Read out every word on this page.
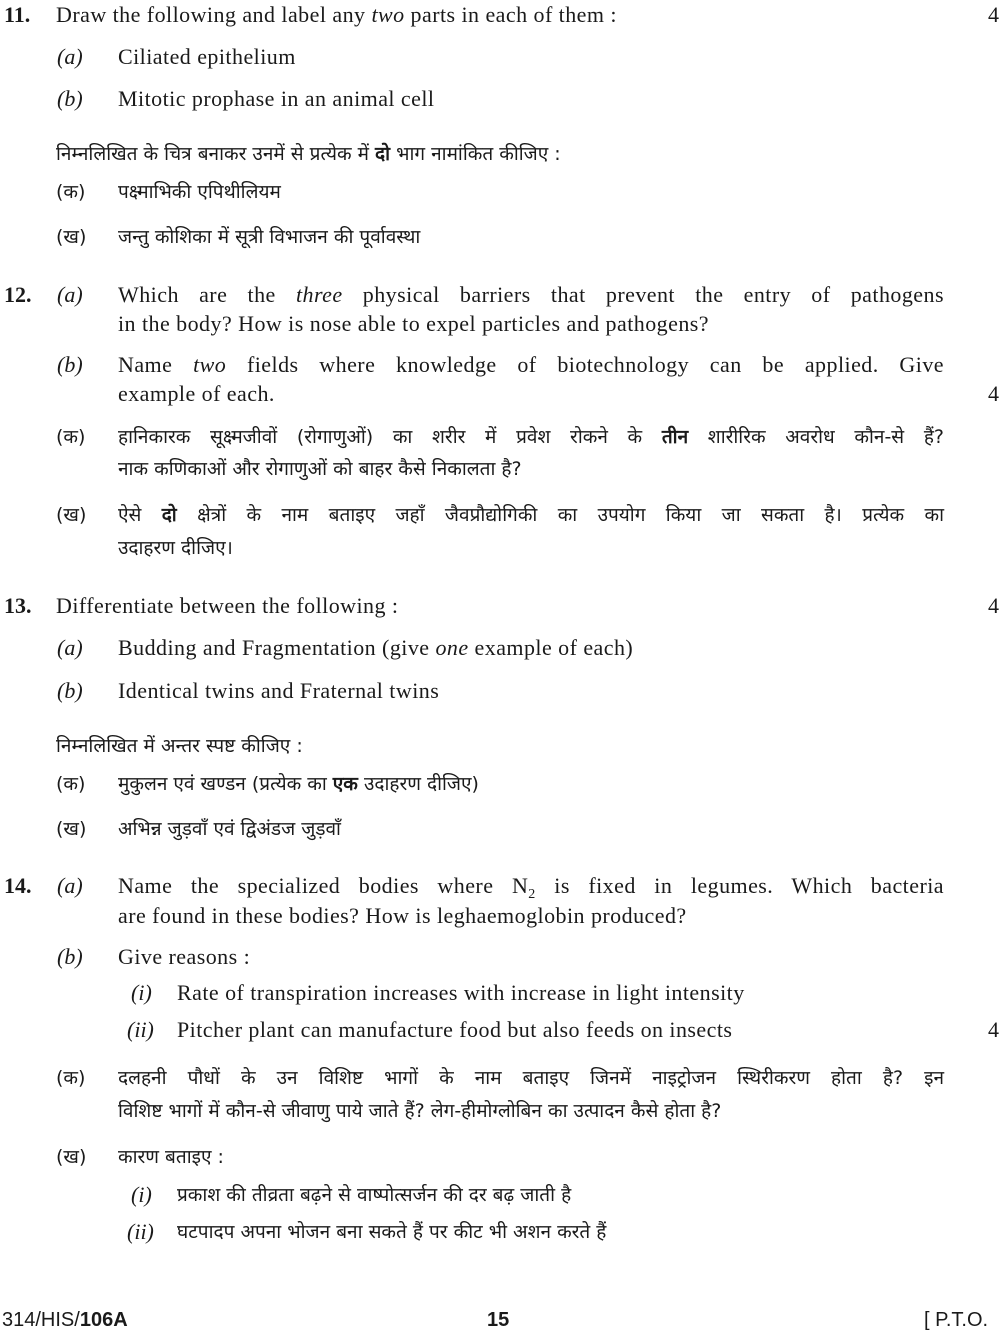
11. Draw the following and label any two parts in each of them :	4
(a) Ciliated epithelium
(b) Mitotic prophase in an animal cell
निम्नलिखित के चित्र बनाकर उनमें से प्रत्येक में दो भाग नामांकित कीजिए :
(क) पक्ष्माभिकी एपिथीलियम
(ख) जन्तु कोशिका में सूत्री विभाजन की पूर्वावस्था
12. (a) Which are the three physical barriers that prevent the entry of pathogens
in the body? How is nose able to expel particles and pathogens?
(b) Name two fields where knowledge of biotechnology can be applied. Give
example of each.	4
(क) हानिकारक सूक्ष्मजीवों (रोगाणुओं) का शरीर में प्रवेश रोकने के तीन शारीरिक अवरोध कौन-से हैं?
नाक कणिकाओं और रोगाणुओं को बाहर कैसे निकालता है?
(ख) ऐसे दो क्षेत्रों के नाम बताइए जहाँ जैवप्रौद्योगिकी का उपयोग किया जा सकता है। प्रत्येक का
उदाहरण दीजिए।
13. Differentiate between the following :	4
(a) Budding and Fragmentation (give one example of each)
(b) Identical twins and Fraternal twins
निम्नलिखित में अन्तर स्पष्ट कीजिए :
(क) मुकुलन एवं खण्डन (प्रत्येक का एक उदाहरण दीजिए)
(ख) अभिन्न जुड़वाँ एवं द्विअंडज जुड़वाँ
14. (a) Name the specialized bodies where $N_2$ is fixed in legumes. Which bacteria
are found in these bodies? How is leghaemoglobin produced?
(b) Give reasons :
(i) Rate of transpiration increases with increase in light intensity
(ii) Pitcher plant can manufacture food but also feeds on insects	4
(क) दलहनी पौधों के उन विशिष्ट भागों के नाम बताइए जिनमें नाइट्रोजन स्थिरीकरण होता है? इन
विशिष्ट भागों में कौन-से जीवाणु पाये जाते हैं? लेग-हीमोग्लोबिन का उत्पादन कैसे होता है?
(ख) कारण बताइए :
(i) प्रकाश की तीव्रता बढ़ने से वाष्पोत्सर्जन की दर बढ़ जाती है
(ii) घटपादप अपना भोजन बना सकते हैं पर कीट भी अशन करते हैं
314/HIS/106A	15	[ P.T.O.
